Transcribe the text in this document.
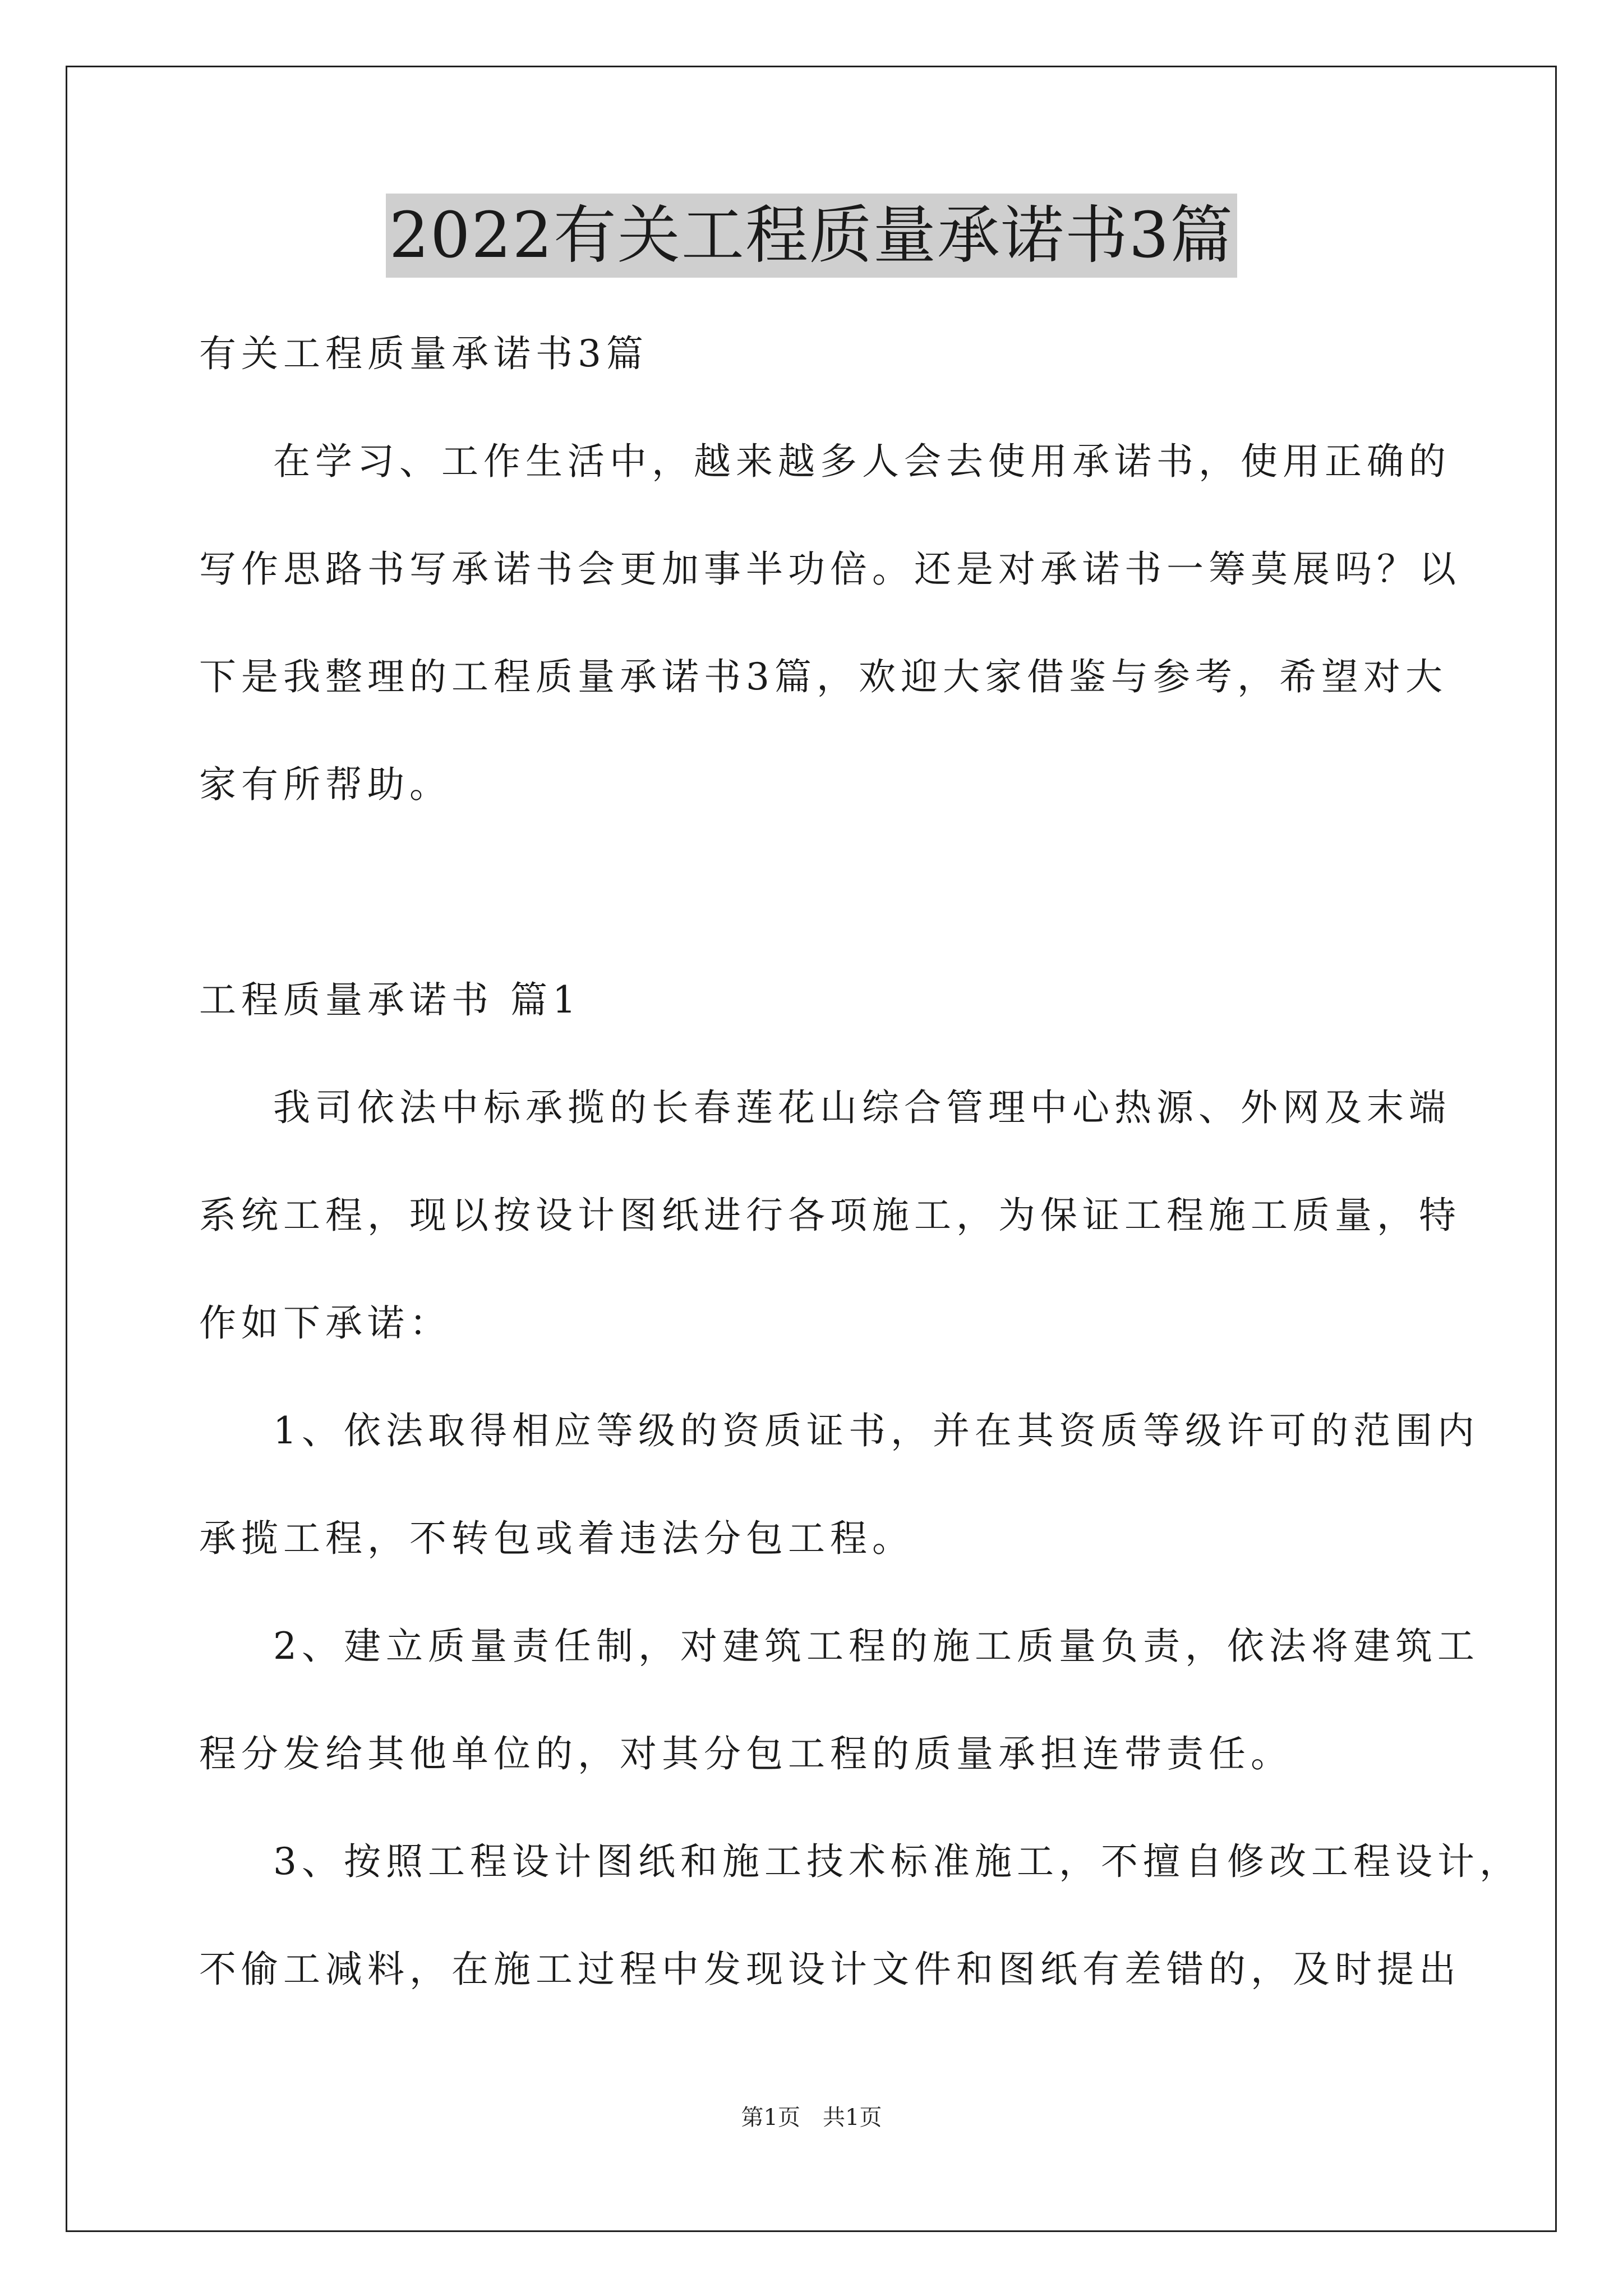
2022有关工程质量承诺书3篇
有关工程质量承诺书3篇
在学习、工作生活中，越来越多人会去使用承诺书，使用正确的
写作思路书写承诺书会更加事半功倍。还是对承诺书一筹莫展吗？以
下是我整理的工程质量承诺书3篇，欢迎大家借鉴与参考，希望对大
家有所帮助。
工程质量承诺书 篇1
我司依法中标承揽的长春莲花山综合管理中心热源、外网及末端
系统工程，现以按设计图纸进行各项施工，为保证工程施工质量，特
作如下承诺：
1、依法取得相应等级的资质证书，并在其资质等级许可的范围内
承揽工程，不转包或着违法分包工程。
2、建立质量责任制，对建筑工程的施工质量负责，依法将建筑工
程分发给其他单位的，对其分包工程的质量承担连带责任。
3、按照工程设计图纸和施工技术标准施工，不擅自修改工程设计，
不偷工减料，在施工过程中发现设计文件和图纸有差错的，及时提出
第1页　共1页
